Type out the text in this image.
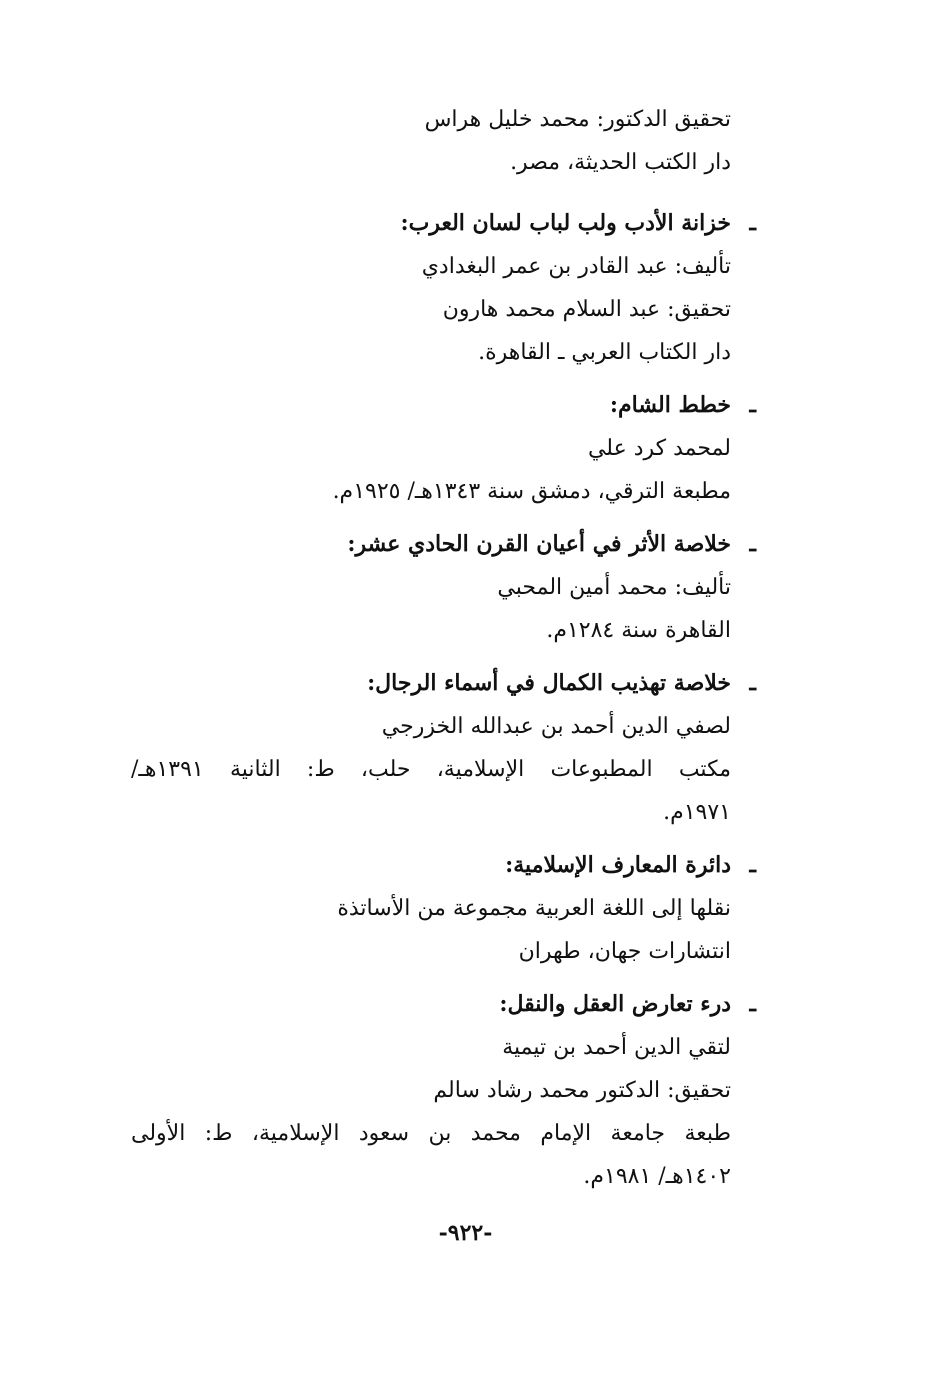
تحقيق الدكتور: محمد خليل هراس

دار الكتب الحديثة، مصر.

ـخزانة الأدب ولب لباب لسان العرب:

تأليف: عبد القادر بن عمر البغدادي

تحقيق: عبد السلام محمد هارون

دار الكتاب العربي ـ القاهرة.

ـخطط الشام:

لمحمد كرد علي

مطبعة الترقي، دمشق سنة ١٣٤٣هـ/ ١٩٢٥م.

ـخلاصة الأثر في أعيان القرن الحادي عشر:

تأليف: محمد أمين المحبي

القاهرة سنة ١٢٨٤م.

ـخلاصة تهذيب الكمال في أسماء الرجال:

لصفي الدين أحمد بن عبدالله الخزرجي

مكتب المطبوعات الإسلامية، حلب، ط: الثانية ١٣٩١هـ/

١٩٧١م.

ـدائرة المعارف الإسلامية:

نقلها إلى اللغة العربية مجموعة من الأساتذة

انتشارات جهان، طهران

ـدرء تعارض العقل والنقل:

لتقي الدين أحمد بن تيمية

تحقيق: الدكتور محمد رشاد سالم

طبعة جامعة الإمام محمد بن سعود الإسلامية، ط: الأولى

١٤٠٢هـ/ ١٩٨١م.

-٩٢٢-
